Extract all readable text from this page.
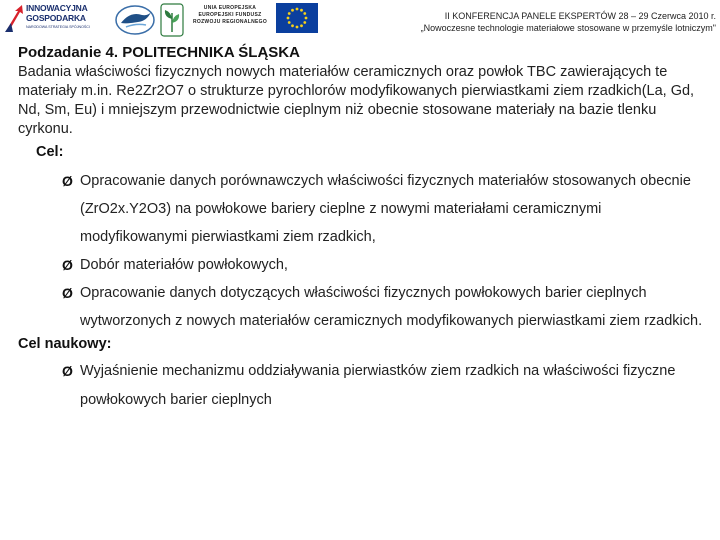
INNOWACYJNA
GOSPODARKA
NARODOWA STRATEGIA SPÓJNOŚCI
UNIA EUROPEJSKA
EUROPEJSKI FUNDUSZ
ROZWOJU REGIONALNEGO
II KONFERENCJA PANELE EKSPERTÓW 28 – 29 Czerwca 2010 r.
„Nowoczesne technologie materiałowe stosowane w przemyśle lotniczym"
Podzadanie 4. POLITECHNIKA ŚLĄSKA
Badania właściwości fizycznych nowych materiałów ceramicznych oraz powłok TBC zawierających te materiały m.in. Re2Zr2O7 o strukturze pyrochlorów modyfikowanych pierwiastkami ziem rzadkich(La, Gd, Nd, Sm, Eu) i mniejszym przewodnictwie cieplnym niż obecnie stosowane materiały na bazie tlenku cyrkonu.
Cel:
Ø Opracowanie danych porównawczych właściwości fizycznych materiałów stosowanych obecnie (ZrO2x.Y2O3) na powłokowe bariery cieplne z nowymi materiałami ceramicznymi modyfikowanymi pierwiastkami ziem rzadkich,
Ø Dobór materiałów powłokowych,
Ø Opracowanie danych dotyczących właściwości fizycznych powłokowych barier cieplnych wytworzonych z nowych materiałów ceramicznych modyfikowanych pierwiastkami ziem rzadkich.
Cel naukowy:
Ø Wyjaśnienie mechanizmu oddziaływania pierwiastków ziem rzadkich na właściwości fizyczne powłokowych barier cieplnych
